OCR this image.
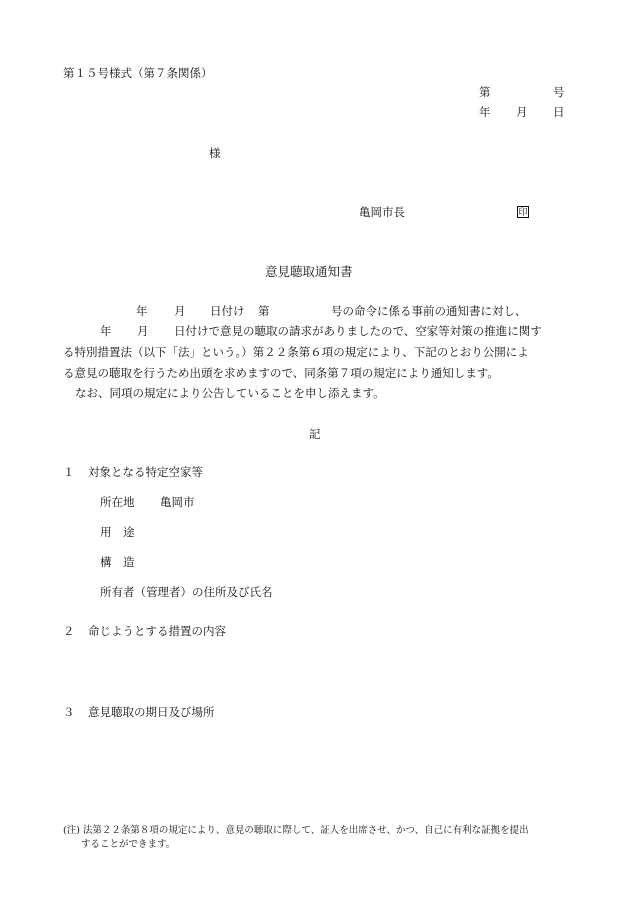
第１５号様式（第７条関係）
第	号
年 月 日
様
亀岡市長	印
意見聴取通知書
年 月 日付け 第	号の命令に係る事前の通知書に対し、
年 月 日付けで意見の聴取の請求がありましたので、空家等対策の推進に関す
る特別措置法（以下「法」という。）第２２条第６項の規定により、下記のとおり公開によ
る意見の聴取を行うため出頭を求めますので、同条第７項の規定により通知します。
なお、同項の規定により公告していることを申し添えます。
記
１ 対象となる特定空家等
所在地 亀岡市
用　途
構　造
所有者（管理者）の住所及び氏名
２ 命じようとする措置の内容
３ 意見聴取の期日及び場所
(注) 法第２２条第８項の規定により、意見の聴取に際して、証人を出席させ、かつ、自己に有利な証拠を提出
することができます。
